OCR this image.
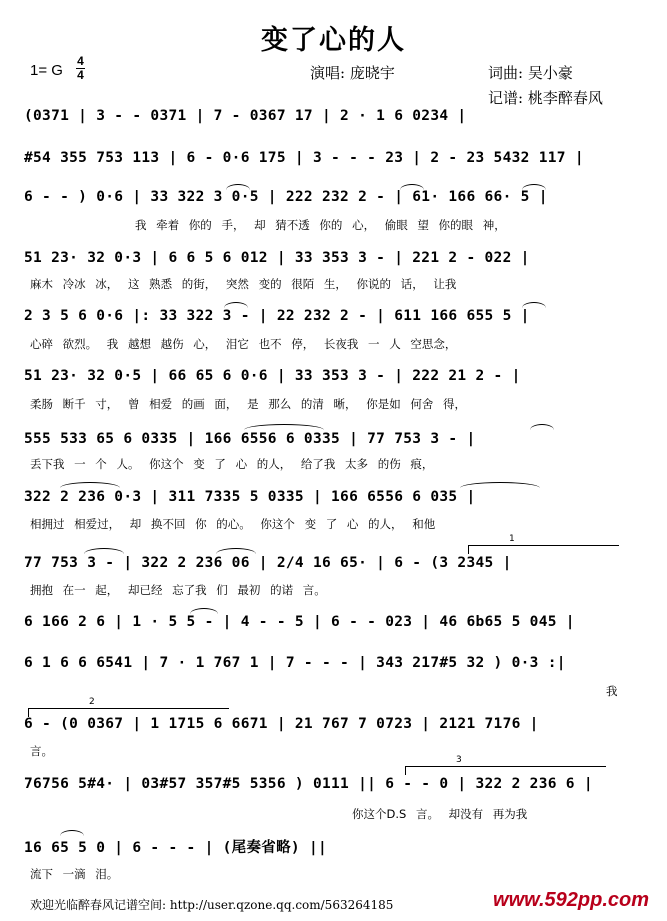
变了心的人
1= G
4
4	演唱: 庞晓宇	词曲: 吴小豪
记谱: 桃李醉春风
(0371 | 3 - - 0371 | 7 - 0367 17 | 2 · 1 6 0234 |
#54 355 753 113 | 6 - 0·6 175 | 3 - - - 23 | 2 - 23 5432 117 |
6 - - ) 0·6 | 33 322 3 0·5 | 222 232 2 - | 61· 166 66· 5 |
我 牵着 你的 手， 却 猜不透 你的 心， 偷眼 望 你的眼 神，
51 23· 32 0·3 | 6 6 5 6 012 | 33 353 3 - | 221 2 - 022 |
麻木 冷冰 冰， 这 熟悉 的街， 突然 变的 很陌 生， 你说的 话， 让我
2 3 5 6 0·6 |: 33 322 3 - | 22 232 2 - | 611 166 655 5 |
心碎 欲烈。 我 越想 越伤 心， 泪它 也不 停， 长夜我 一 人 空思念，
51 23· 32 0·5 | 66 65 6 0·6 | 33 353 3 - | 222 21 2 - |
柔肠 断千 寸， 曾 相爱 的画 面， 是 那么 的清 晰， 你是如 何舍 得，
555 533 65 6 0335 | 166 6556 6 0335 | 77 753 3 - |
丢下我 一 个 人。 你这个 变 了 心 的人， 给了我 太多 的伤 痕，
322 2 236 0·3 | 311 7335 5 0335 | 166 6556 6 035 |
相拥过 相爱过， 却 换不回 你 的心。 你这个 变 了 心 的人， 和他
77 753 3 - | 322 2 236 06 | 2/4 16 65· | 6 - (3 2345 |
拥抱 在一 起， 却已经 忘了我 们 最初 的诺 言。
6 166 2 6 | 1 · 5 5 - | 4 - - 5 | 6 - - 023 | 46 6b65 5 045 |
6 1 6 6 6541 | 7 · 1 767 1 | 7 - - - | 343 217#5 32 ) 0·3 :|
我
6 - (0 0367 | 1 1715 6 6671 | 21 767 7 0723 | 2121 7176 |
言。
76756 5#4· | 03#57 357#5 5356 ) 0111 || 6 - - 0 | 322 2 236 6 |
你这个D.S 言。 却没有 再为我
16 65 5 0 | 6 - - - | (尾奏省略) ||
流下 一滴 泪。
1
2
3
欢迎光临醉春风记谱空间: http://user.qzone.qq.com/563264185	www.592pp.com
